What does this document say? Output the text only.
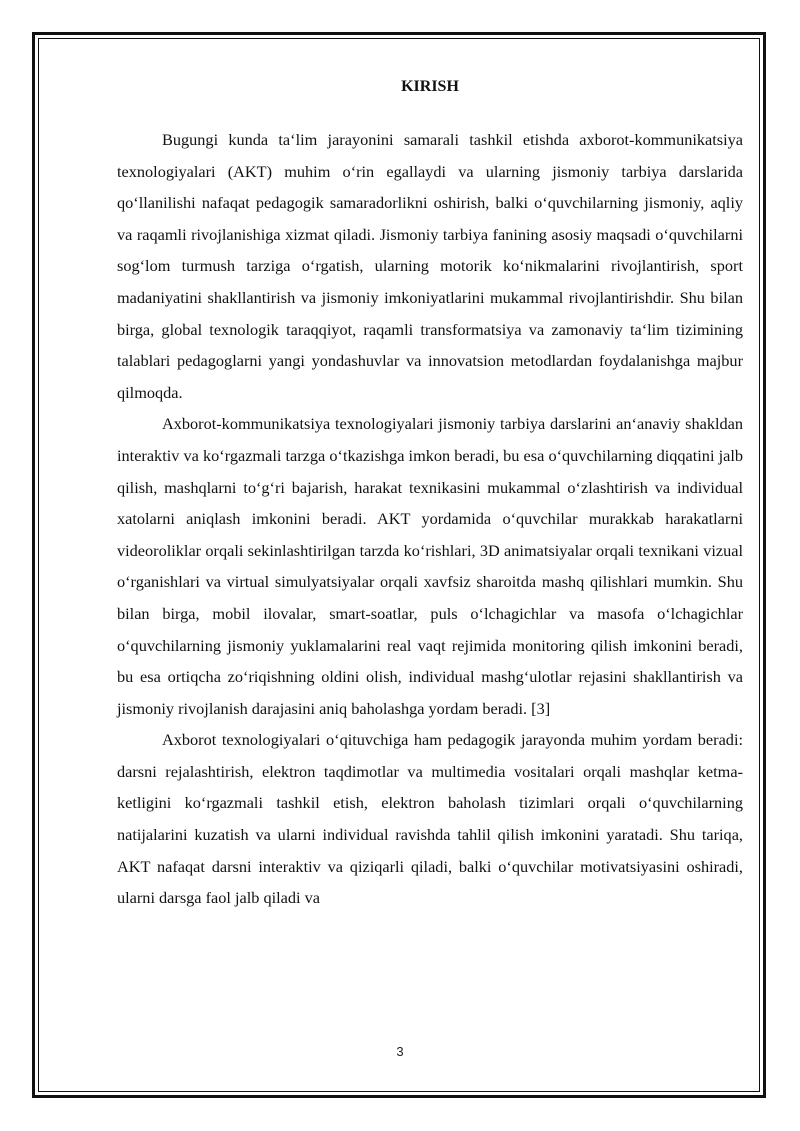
KIRISH

Bugungi kunda ta‘lim jarayonini samarali tashkil etishda axborot-kommunikatsiya texnologiyalari (AKT) muhim o‘rin egallaydi va ularning jismoniy tarbiya darslarida qo‘llanilishi nafaqat pedagogik samaradorlikni oshirish, balki o‘quvchilarning jismoniy, aqliy va raqamli rivojlanishiga xizmat qiladi. Jismoniy tarbiya fanining asosiy maqsadi o‘quvchilarni sog‘lom turmush tarziga o‘rgatish, ularning motorik ko‘nikmalarini rivojlantirish, sport madaniyatini shakllantirish va jismoniy imkoniyatlarini mukammal rivojlantirishdir. Shu bilan birga, global texnologik taraqqiyot, raqamli transformatsiya va zamonaviy ta‘lim tizimining talablari pedagoglarni yangi yondashuvlar va innovatsion metodlardan foydalanishga majbur qilmoqda.

Axborot-kommunikatsiya texnologiyalari jismoniy tarbiya darslarini an‘anaviy shakldan interaktiv va ko‘rgazmali tarzga o‘tkazishga imkon beradi, bu esa o‘quvchilarning diqqatini jalb qilish, mashqlarni to‘g‘ri bajarish, harakat texnikasini mukammal o‘zlashtirish va individual xatolarni aniqlash imkonini beradi. AKT yordamida o‘quvchilar murakkab harakatlarni videoroliklar orqali sekinlashtirilgan tarzda ko‘rishlari, 3D animatsiyalar orqali texnikani vizual o‘rganishlari va virtual simulyatsiyalar orqali xavfsiz sharoitda mashq qilishlari mumkin. Shu bilan birga, mobil ilovalar, smart-soatlar, puls o‘lchagichlar va masofa o‘lchagichlar o‘quvchilarning jismoniy yuklamalarini real vaqt rejimida monitoring qilish imkonini beradi, bu esa ortiqcha zo‘riqishning oldini olish, individual mashg‘ulotlar rejasini shakllantirish va jismoniy rivojlanish darajasini aniq baholashga yordam beradi. [3]

Axborot texnologiyalari o‘qituvchiga ham pedagogik jarayonda muhim yordam beradi: darsni rejalashtirish, elektron taqdimotlar va multimedia vositalari orqali mashqlar ketma-ketligini ko‘rgazmali tashkil etish, elektron baholash tizimlari orqali o‘quvchilarning natijalarini kuzatish va ularni individual ravishda tahlil qilish imkonini yaratadi. Shu tariqa, AKT nafaqat darsni interaktiv va qiziqarli qiladi, balki o‘quvchilar motivatsiyasini oshiradi, ularni darsga faol jalb qiladi va

3
